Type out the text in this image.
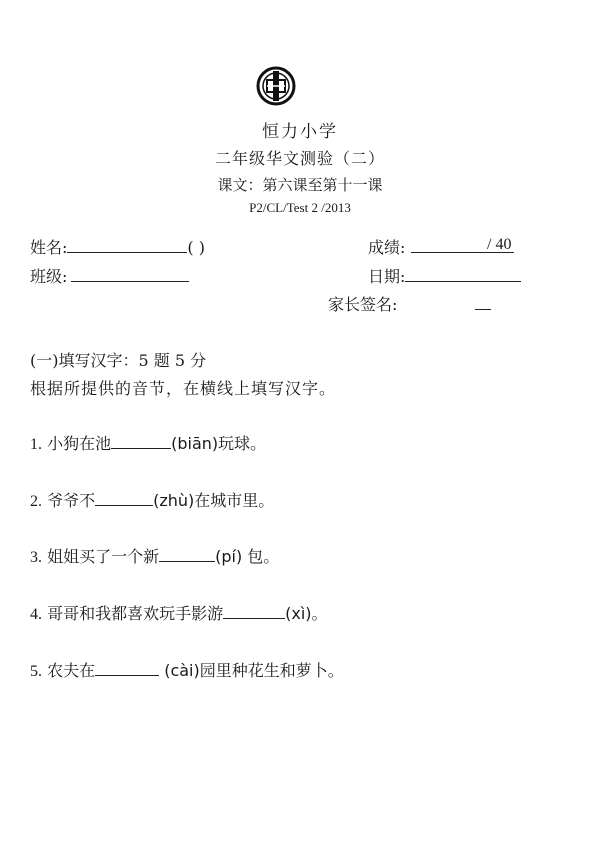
恒力小学
二年级华文测验（二）
课文：第六课至第十一课
P2/CL/Test 2 /2013
姓名:	( )	成绩:	/ 40
班级:	日期:
家长签名:
(一)填写汉字：5 题 5 分
根据所提供的音节，在横线上填写汉字。
1. 小狗在池	(biān)玩球。
2. 爷爷不	(zhù)在城市里。
3. 姐姐买了一个新	(pí) 包。
4. 哥哥和我都喜欢玩手影游	(xì)。
5. 农夫在	(cài)园里种花生和萝卜。
